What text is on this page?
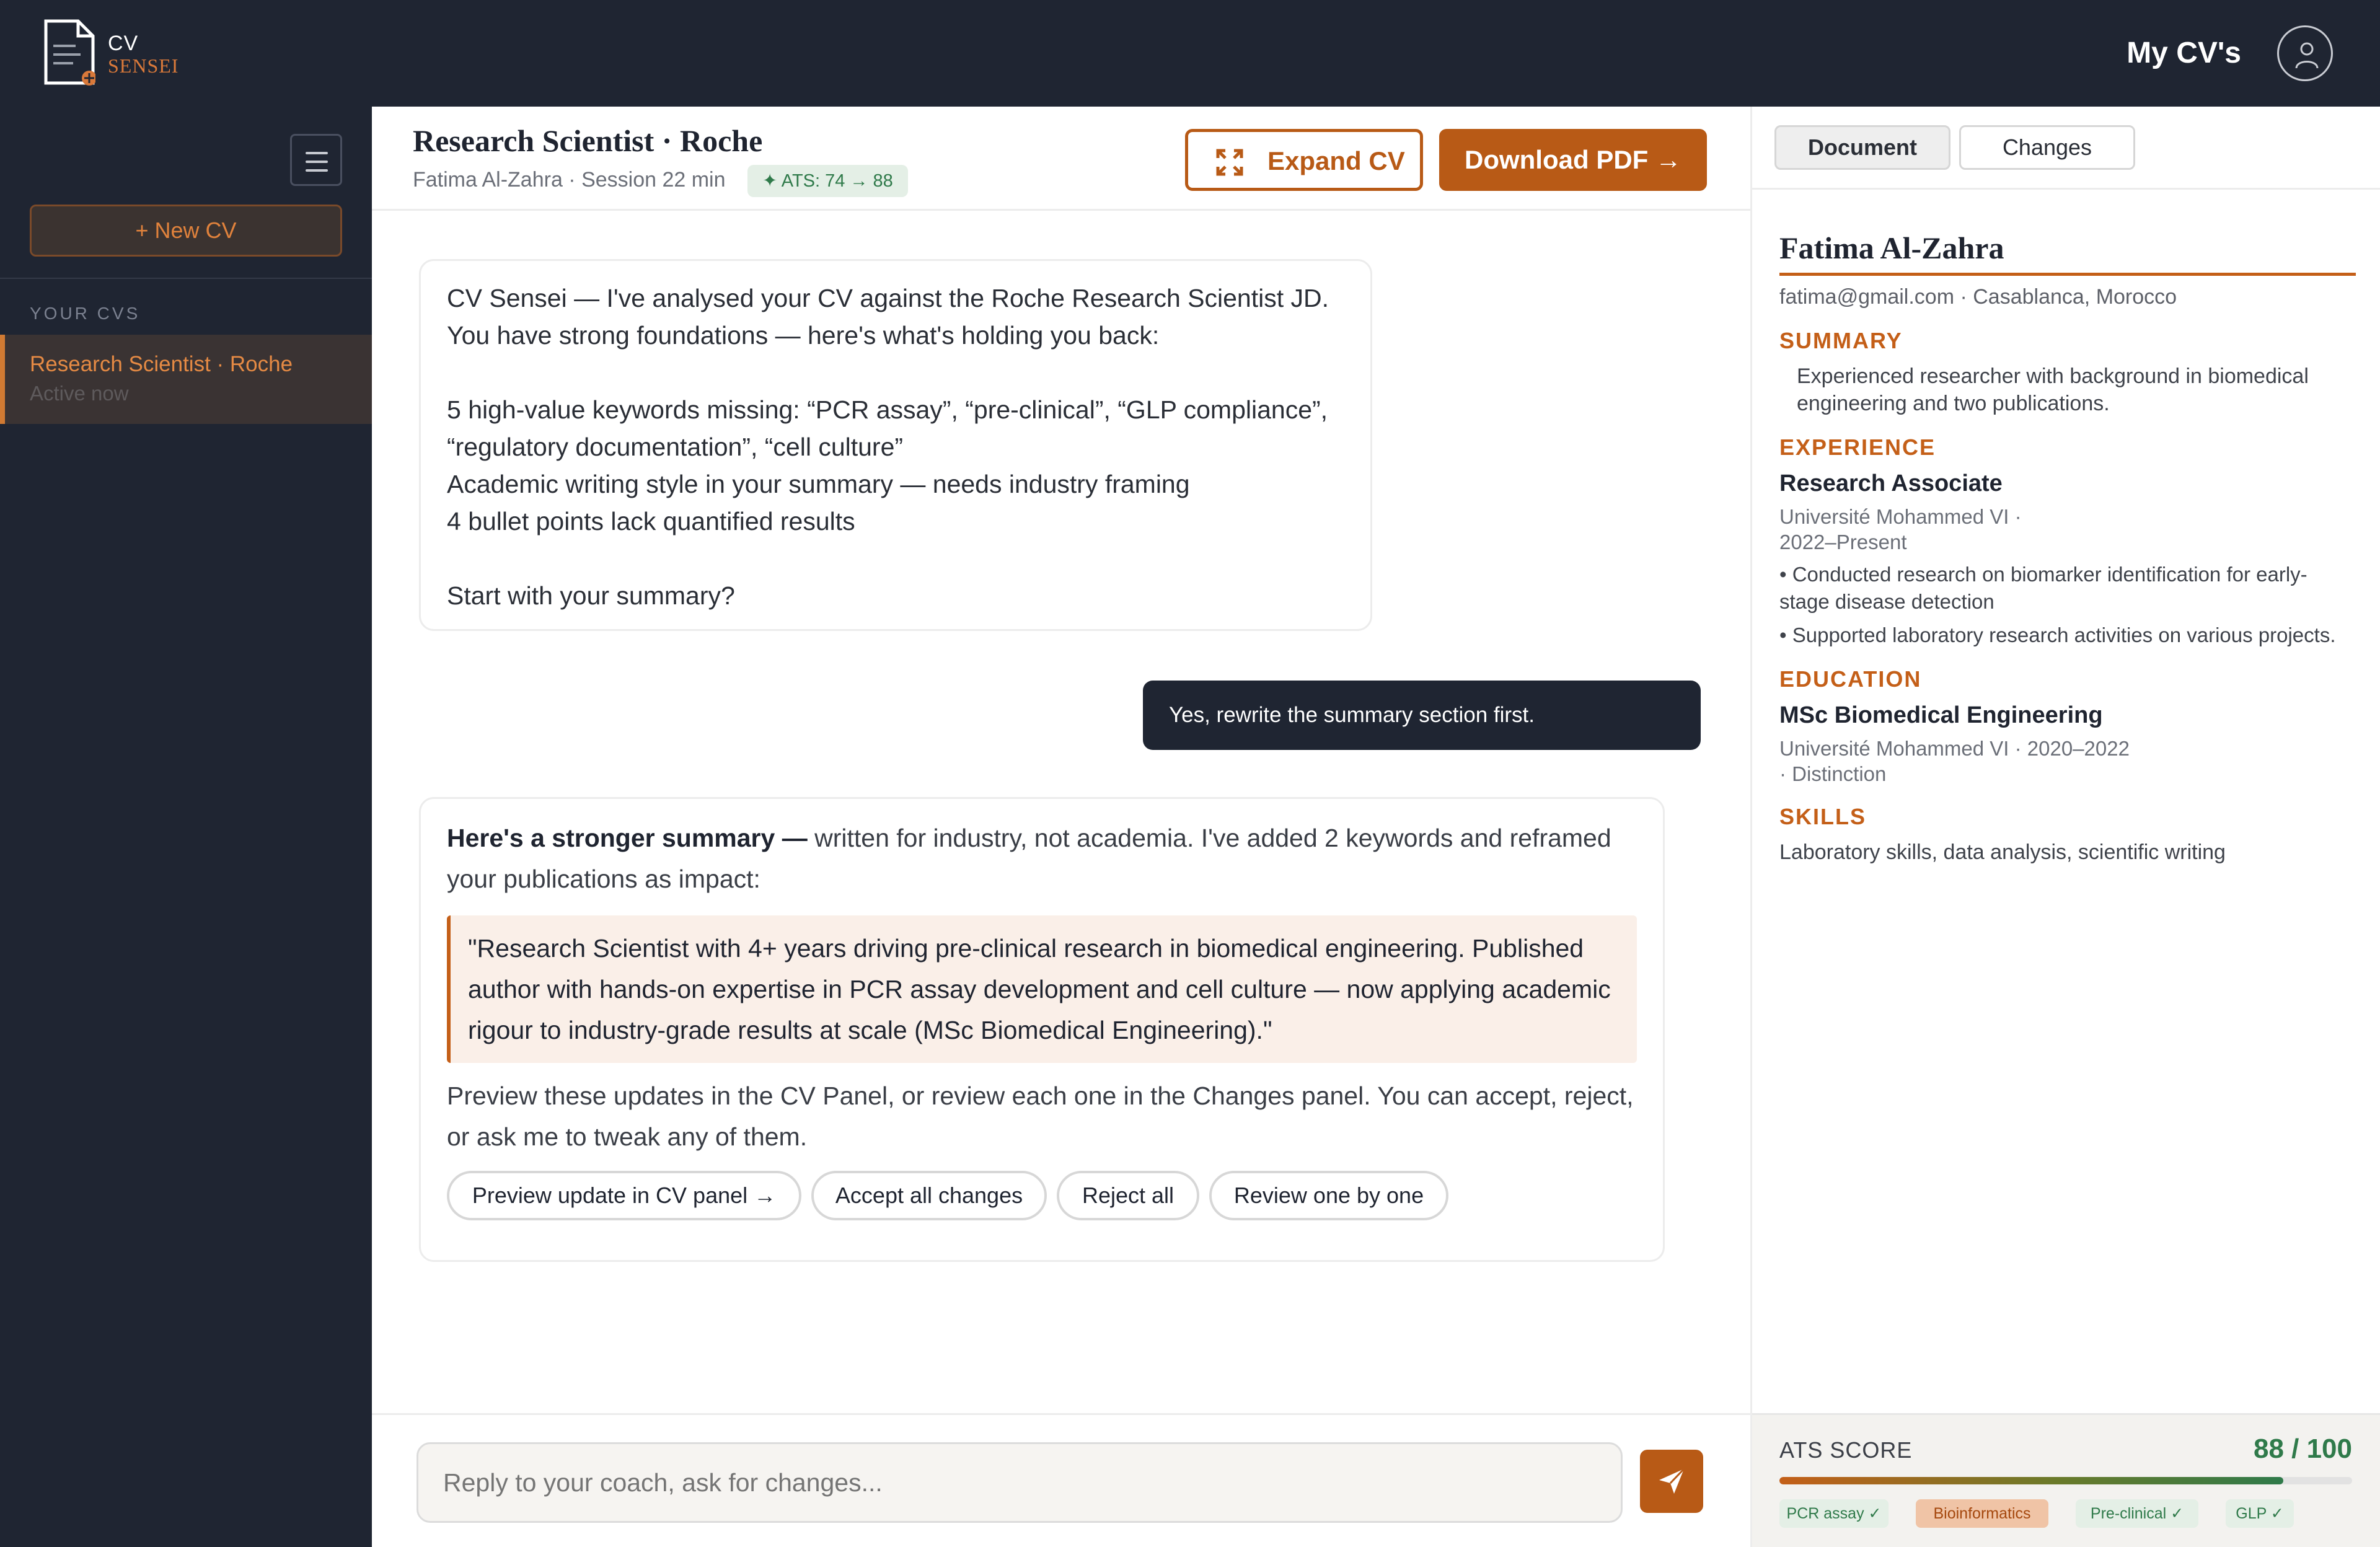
CV
SENSEI	My CV's
+ New CV
YOUR CVS
Research Scientist · Roche
Active now
Research Scientist · Roche
Fatima Al-Zahra · Session 22 min	✦ ATS: 74 → 88
Expand CV	Download PDF →

CV Sensei — I've analysed your CV against the Roche Research Scientist JD.

You have strong foundations — here's what's holding you back:

5 high-value keywords missing: “PCR assay”, “pre-clinical”, “GLP compliance”,

“regulatory documentation”, “cell culture”

Academic writing style in your summary — needs industry framing

4 bullet points lack quantified results

Start with your summary?

Yes, rewrite the summary section first.
Here's a stronger summary — written for industry, not academia. I've added 2 keywords and reframed your publications as impact:
"Research Scientist with 4+ years driving pre-clinical research in biomedical engineering. Published author with hands-on expertise in PCR assay development and cell culture — now applying academic rigour to industry-grade results at scale (MSc Biomedical Engineering)."
Preview these updates in the CV Panel, or review each one in the Changes panel. You can accept, reject, or ask me to tweak any of them.
Preview update in CV panel →	Accept all changes	Reject all	Review one by one
Reply to your coach, ask for changes...
Document	Changes
Fatima Al-Zahra
fatima@gmail.com · Casablanca, Morocco
SUMMARY
Experienced researcher with background in biomedical engineering and two publications.
EXPERIENCE
Research Associate
Université Mohammed VI ·
2022–Present
• Conducted research on biomarker identification for early-stage disease detection
• Supported laboratory research activities on various projects.
EDUCATION
MSc Biomedical Engineering
Université Mohammed VI · 2020–2022
· Distinction
SKILLS
Laboratory skills, data analysis, scientific writing
ATS SCORE	88 / 100
PCR assay ✓	Bioinformatics	Pre-clinical ✓	GLP ✓
